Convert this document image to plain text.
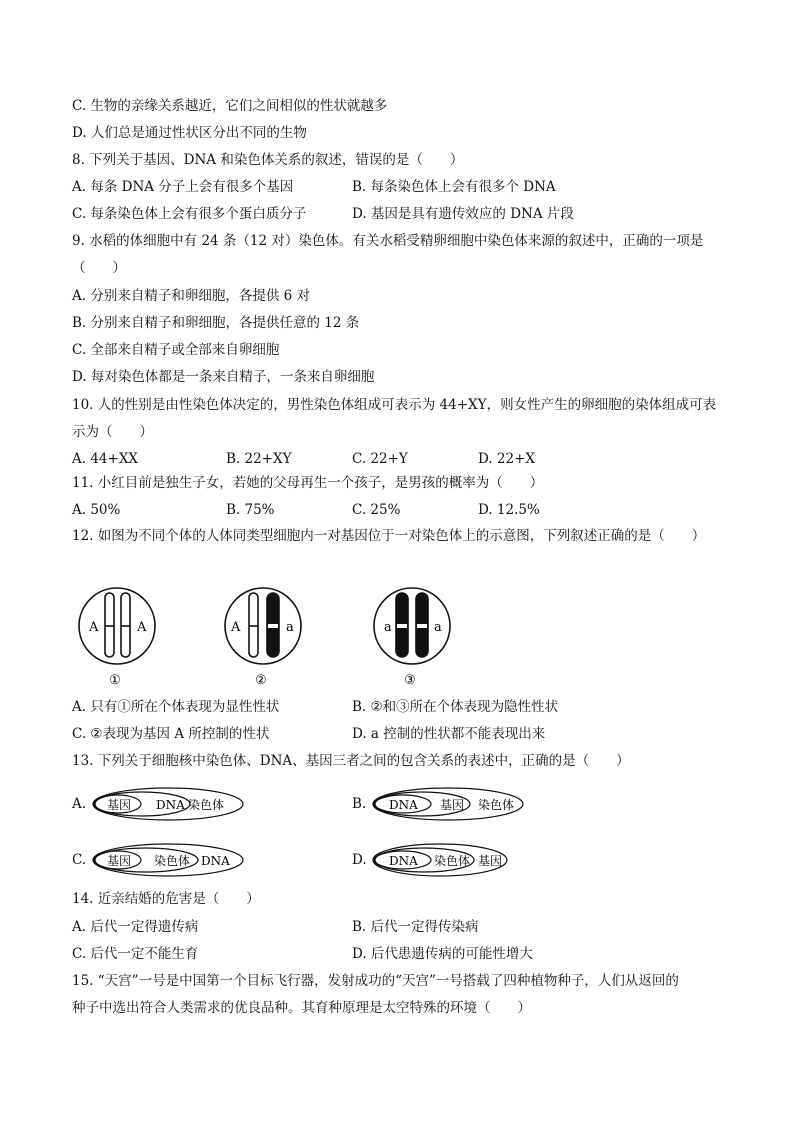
C. 生物的亲缘关系越近，它们之间相似的性状就越多
D. 人们总是通过性状区分出不同的生物
8. 下列关于基因、DNA 和染色体关系的叙述，错误的是（　　）
A. 每条 DNA 分子上会有很多个基因	B. 每条染色体上会有很多个 DNA
C. 每条染色体上会有很多个蛋白质分子	D. 基因是具有遗传效应的 DNA 片段
9. 水稻的体细胞中有 24 条（12 对）染色体。有关水稻受精卵细胞中染色体来源的叙述中，正确的一项是
（　　）
A. 分别来自精子和卵细胞，各提供 6 对
B. 分别来自精子和卵细胞，各提供任意的 12 条
C. 全部来自精子或全部来自卵细胞
D. 每对染色体都是一条来自精子，一条来自卵细胞
10. 人的性别是由性染色体决定的，男性染色体组成可表示为 44+XY，则女性产生的卵细胞的染体组成可表
示为（　　）
A. 44+XX	B. 22+XY	C. 22+Y	D. 22+X
11. 小红目前是独生子女，若她的父母再生一个孩子，是男孩的概率为（　　）
A. 50%	B. 75%	C. 25%	D. 12.5%
12. 如图为不同个体的人体同类型细胞内一对基因位于一对染色体上的示意图，下列叙述正确的是（　　）
A	A
①
A	a
②
a	a
③
A. 只有①所在个体表现为显性性状	B. ②和③所在个体表现为隐性性状
C. ②表现为基因 A 所控制的性状	D. a 控制的性状都不能表现出来
13. 下列关于细胞核中染色体、DNA、基因三者之间的包含关系的表述中，正确的是（　　）
A. 基因 DNA 染色体	B. DNA 基因 染色体
C. 基因 染色体 DNA	D. DNA 染色体 基因
14. 近亲结婚的危害是（　　）
A. 后代一定得遗传病	B. 后代一定得传染病
C. 后代一定不能生育	D. 后代患遗传病的可能性增大
15. “天宫”一号是中国第一个目标飞行器，发射成功的“天宫”一号搭载了四种植物种子，人们从返回的
种子中选出符合人类需求的优良品种。其育种原理是太空特殊的环境（　　）
